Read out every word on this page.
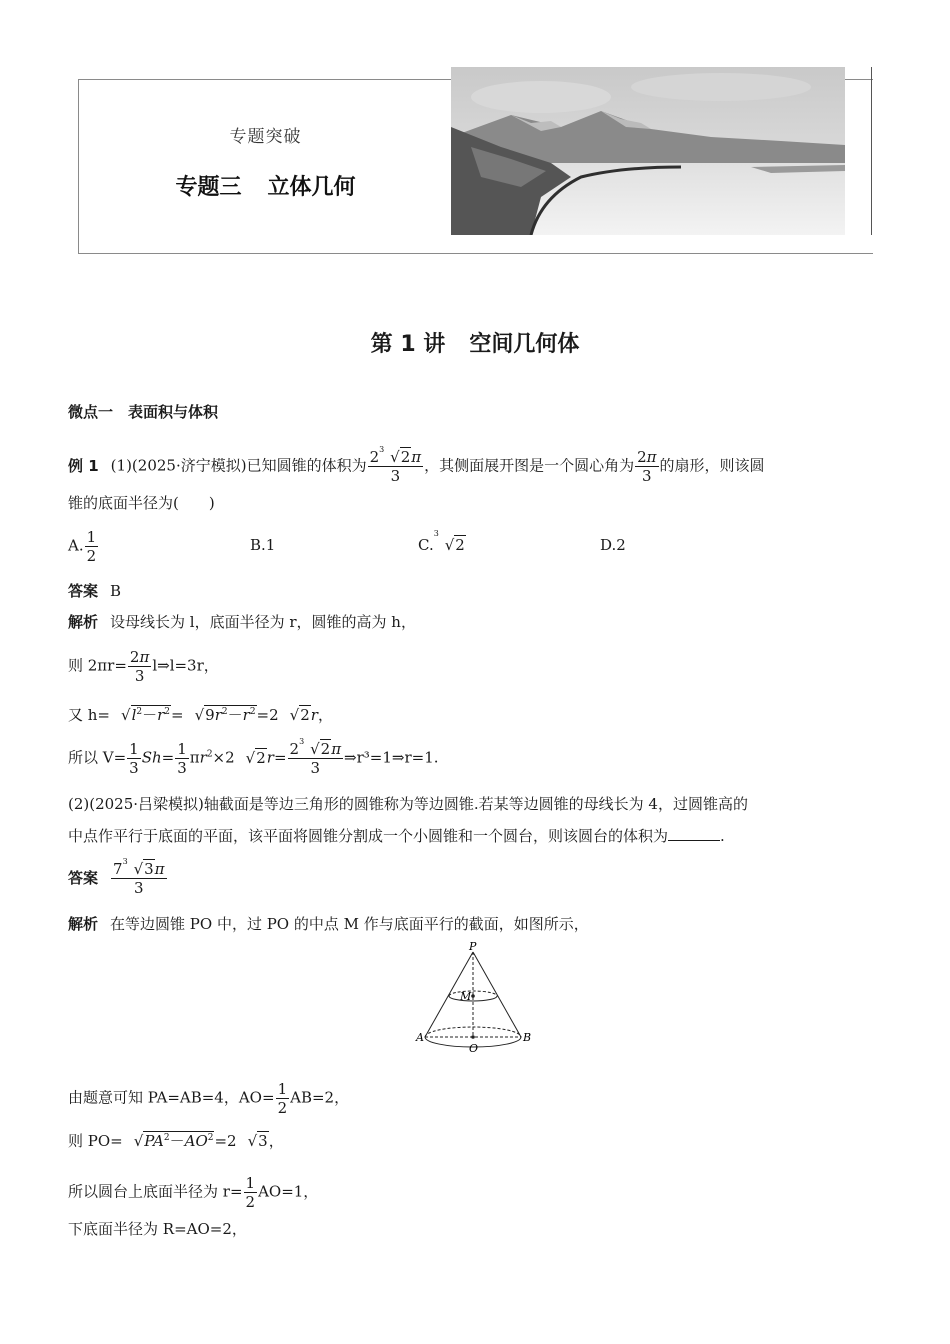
专题突破
专题三 立体几何
第 1 讲 空间几何体
微点一　表面积与体积
例 1 (1)(2025·济宁模拟)已知圆锥的体积为 $\frac{2 3 √2\pi}{3}$ ，其侧面展开图是一个圆心角为 $\frac{2\pi}{3}$ 的扇形，则该圆
锥的底面半径为(　　)
A. $\frac{1}{2}$	B.1	C.
3
√2	D.2
答案 B
解析 设母线长为 l，底面半径为 r，圆锥的高为 h，
则 $2\pi r= \frac{2\pi}{3}$ l⇒l=3r，
又 $h= √l^2-r^2= √9r^2-r^2=2$ √2r，
所以 $V= \frac{1}{3} Sh= \frac{1}{3} \pi r^2\times 2$ $√2r= \frac{2 3 √2\pi}{3}$ ⇒r³=1⇒r=1.
(2)(2025·吕梁模拟)轴截面是等边三角形的圆锥称为等边圆锥.若某等边圆锥的母线长为 4，过圆锥高的
中点作平行于底面的平面，该平面将圆锥分割成一个小圆锥和一个圆台，则该圆台的体积为	.
答案 $\frac{7 3 √3\pi}{3}$
解析 在等边圆锥 PO 中，过 PO 的中点 M 作与底面平行的截面，如图所示，
P
M
A	B
O
由题意可知 PA=AB=4，$AO= \frac{1}{2} AB=2$，
则 $PO= √PA^2-AO^2=2$ √3，
所以圆台上底面半径为 $r= \frac{1}{2} AO=1$，
下底面半径为 R=AO=2，
